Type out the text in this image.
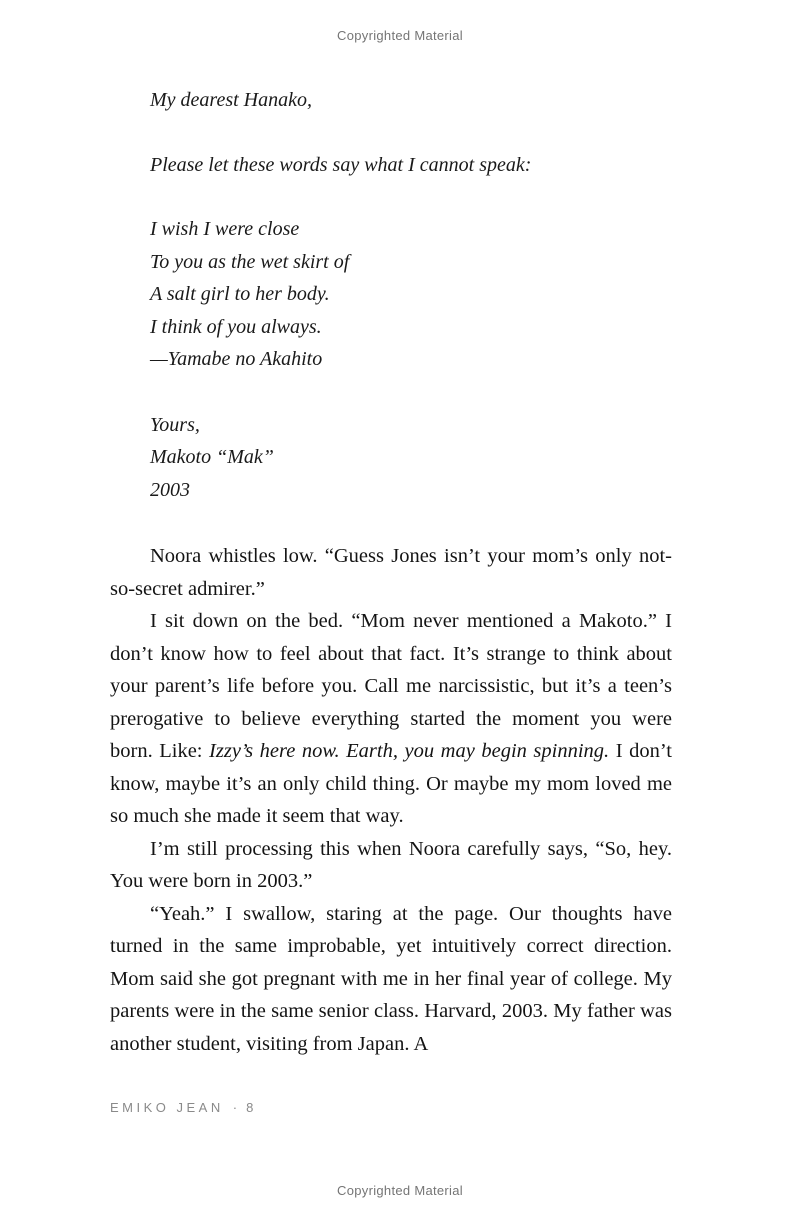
Copyrighted Material

My dearest Hanako,

Please let these words say what I cannot speak:

I wish I were close

To you as the wet skirt of

A salt girl to her body.

I think of you always.

—Yamabe no Akahito

Yours,

Makoto “Mak”

2003

Noora whistles low. “Guess Jones isn’t your mom’s only not-so-secret admirer.”

I sit down on the bed. “Mom never mentioned a Makoto.” I don’t know how to feel about that fact. It’s strange to think about your parent’s life before you. Call me narcissistic, but it’s a teen’s prerogative to believe everything started the moment you were born. Like: Izzy’s here now. Earth, you may begin spinning. I don’t know, maybe it’s an only child thing. Or maybe my mom loved me so much she made it seem that way.

I’m still processing this when Noora carefully says, “So, hey. You were born in 2003.”

“Yeah.” I swallow, staring at the page. Our thoughts have turned in the same improbable, yet intuitively correct direction. Mom said she got pregnant with me in her final year of college. My parents were in the same senior class. Harvard, 2003. My father was another student, visiting from Japan. A

EMIKO JEAN · 8
Copyrighted Material
